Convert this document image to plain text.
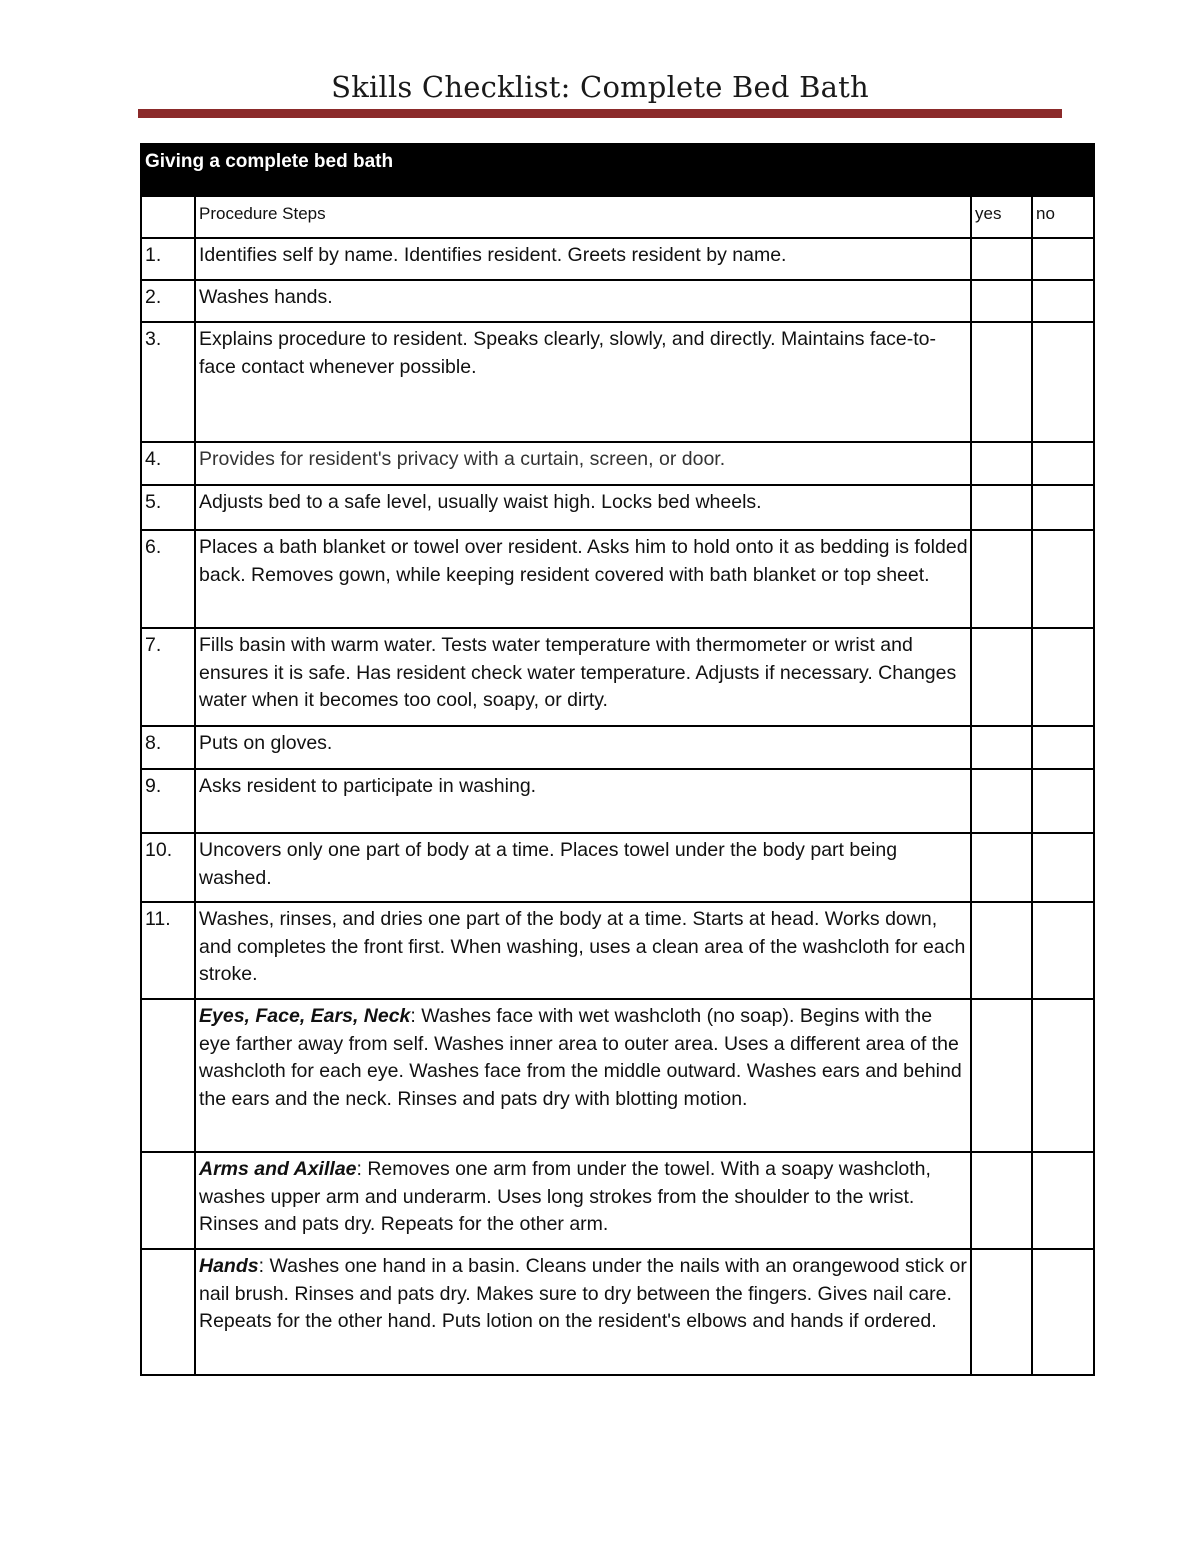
Skills Checklist: Complete Bed Bath
Giving a complete bed bath			
	Procedure Steps	yes	no
1.	Identifies self by name. Identifies resident. Greets resident by name.		
2.	Washes hands.		
3.	Explains procedure to resident. Speaks clearly, slowly, and directly. Maintains face-to-face contact whenever possible.		
4.	Provides for resident's privacy with a curtain, screen, or door.		
5.	Adjusts bed to a safe level, usually waist high. Locks bed wheels.		
6.	Places a bath blanket or towel over resident. Asks him to hold onto it as bedding is folded back. Removes gown, while keeping resident covered with bath blanket or top sheet.		
7.	Fills basin with warm water. Tests water temperature with thermometer or wrist and ensures it is safe. Has resident check water temperature. Adjusts if necessary. Changes water when it becomes too cool, soapy, or dirty.		
8.	Puts on gloves.		
9.	Asks resident to participate in washing.		
10.	Uncovers only one part of body at a time. Places towel under the body part being washed.		
11.	Washes, rinses, and dries one part of the body at a time. Starts at head. Works down, and completes the front first. When washing, uses a clean area of the washcloth for each stroke.		
	Eyes, Face, Ears, Neck: Washes face with wet washcloth (no soap). Begins with the eye farther away from self. Washes inner area to outer area. Uses a different area of the washcloth for each eye. Washes face from the middle outward. Washes ears and behind the ears and the neck. Rinses and pats dry with blotting motion.		
	Arms and Axillae: Removes one arm from under the towel. With a soapy washcloth, washes upper arm and underarm. Uses long strokes from the shoulder to the wrist. Rinses and pats dry. Repeats for the other arm.		
	Hands: Washes one hand in a basin. Cleans under the nails with an orangewood stick or nail brush. Rinses and pats dry. Makes sure to dry between the fingers. Gives nail care. Repeats for the other hand. Puts lotion on the resident's elbows and hands if ordered.		
